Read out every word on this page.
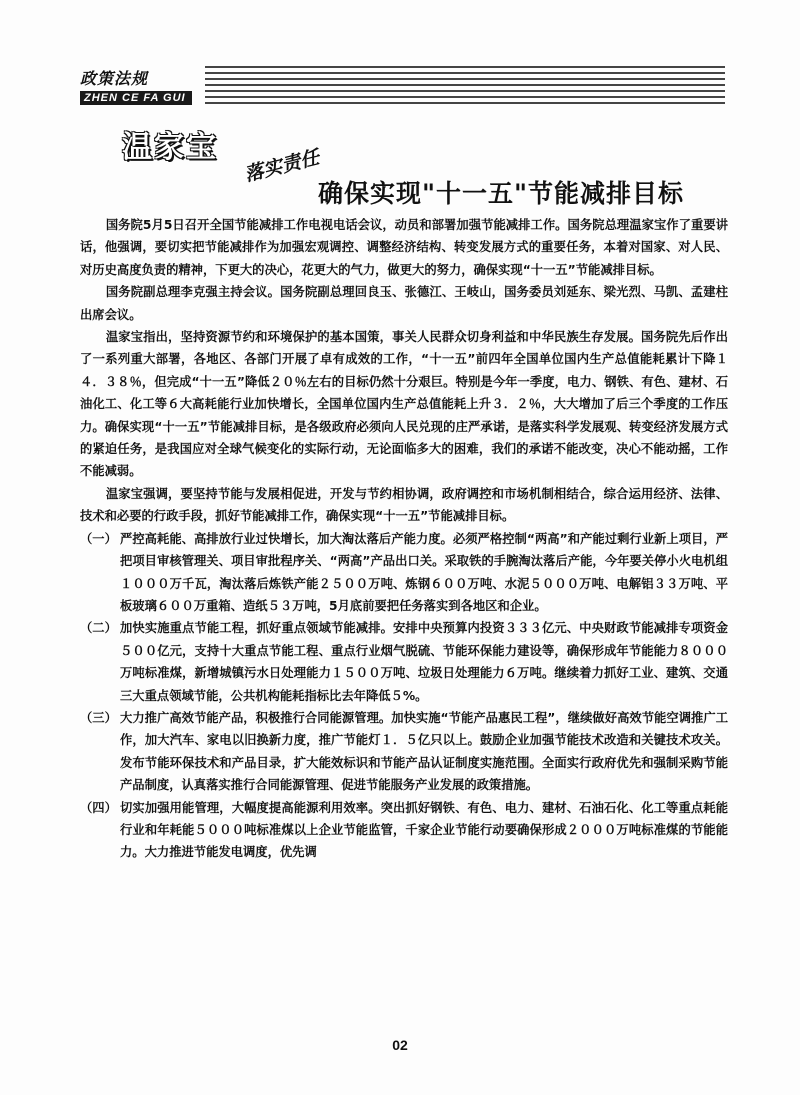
政策法规
ZHEN CE FA GUI
温家宝 落实责任
确保实现"十一五"节能减排目标

国务院5月5日召开全国节能减排工作电视电话会议，动员和部署加强节能减排工作。国务院总理温家宝作了重要讲话，他强调，要切实把节能减排作为加强宏观调控、调整经济结构、转变发展方式的重要任务，本着对国家、对人民、对历史高度负责的精神，下更大的决心，花更大的气力，做更大的努力，确保实现“十一五”节能减排目标。

国务院副总理李克强主持会议。国务院副总理回良玉、张德江、王岐山，国务委员刘延东、梁光烈、马凯、孟建柱出席会议。

温家宝指出，坚持资源节约和环境保护的基本国策，事关人民群众切身利益和中华民族生存发展。国务院先后作出了一系列重大部署，各地区、各部门开展了卓有成效的工作，“十一五”前四年全国单位国内生产总值能耗累计下降１４．３８％，但完成“十一五”降低２０％左右的目标仍然十分艰巨。特别是今年一季度，电力、钢铁、有色、建材、石油化工、化工等６大高耗能行业加快增长，全国单位国内生产总值能耗上升３．２％，大大增加了后三个季度的工作压力。确保实现“十一五”节能减排目标，是各级政府必须向人民兑现的庄严承诺，是落实科学发展观、转变经济发展方式的紧迫任务，是我国应对全球气候变化的实际行动，无论面临多大的困难，我们的承诺不能改变，决心不能动摇，工作不能减弱。

温家宝强调，要坚持节能与发展相促进，开发与节约相协调，政府调控和市场机制相结合，综合运用经济、法律、技术和必要的行政手段，抓好节能减排工作，确保实现“十一五”节能减排目标。

（一） 严控高耗能、高排放行业过快增长，加大淘汰落后产能力度。必须严格控制“两高”和产能过剩行业新上项目，严把项目审核管理关、项目审批程序关、“两高”产品出口关。采取铁的手腕淘汰落后产能，今年要关停小火电机组１０００万千瓦，淘汰落后炼铁产能２５００万吨、炼钢６００万吨、水泥５０００万吨、电解铝３３万吨、平板玻璃６００万重箱、造纸５３万吨，5月底前要把任务落实到各地区和企业。
（二） 加快实施重点节能工程，抓好重点领域节能减排。安排中央预算内投资３３３亿元、中央财政节能减排专项资金５００亿元，支持十大重点节能工程、重点行业烟气脱硫、节能环保能力建设等，确保形成年节能能力８０００万吨标准煤，新增城镇污水日处理能力１５００万吨、垃圾日处理能力６万吨。继续着力抓好工业、建筑、交通三大重点领域节能，公共机构能耗指标比去年降低５%。
（三） 大力推广高效节能产品，积极推行合同能源管理。加快实施“节能产品惠民工程”，继续做好高效节能空调推广工作，加大汽车、家电以旧换新力度，推广节能灯１．５亿只以上。鼓励企业加强节能技术改造和关键技术攻关。发布节能环保技术和产品目录，扩大能效标识和节能产品认证制度实施范围。全面实行政府优先和强制采购节能产品制度，认真落实推行合同能源管理、促进节能服务产业发展的政策措施。
（四） 切实加强用能管理，大幅度提高能源利用效率。突出抓好钢铁、有色、电力、建材、石油石化、化工等重点耗能行业和年耗能５０００吨标准煤以上企业节能监管，千家企业节能行动要确保形成２０００万吨标准煤的节能能力。大力推进节能发电调度，优先调
02
